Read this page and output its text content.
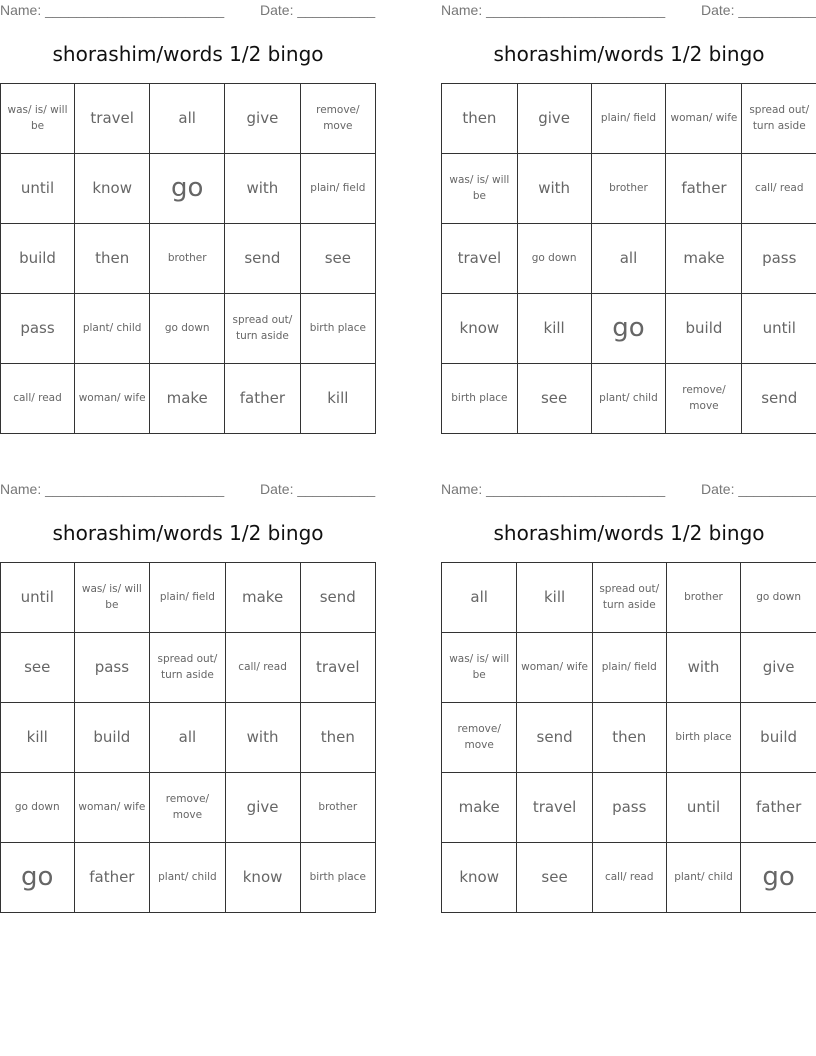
Name: _______________________	Date: __________
shorashim/words 1/2 bingo
was/ is/ will be	travel	all	give	remove/ move
until	know	go	with	plain/ field
build	then	brother	send	see
pass	plant/ child	go down	spread out/ turn aside	birth place
call/ read	woman/ wife	make	father	kill
Name: _______________________	Date: __________
shorashim/words 1/2 bingo
then	give	plain/ field	woman/ wife	spread out/ turn aside
was/ is/ will be	with	brother	father	call/ read
travel	go down	all	make	pass
know	kill	go	build	until
birth place	see	plant/ child	remove/ move	send
Name: _______________________	Date: __________
shorashim/words 1/2 bingo
until	was/ is/ will be	plain/ field	make	send
see	pass	spread out/ turn aside	call/ read	travel
kill	build	all	with	then
go down	woman/ wife	remove/ move	give	brother
go	father	plant/ child	know	birth place
Name: _______________________	Date: __________
shorashim/words 1/2 bingo
all	kill	spread out/ turn aside	brother	go down
was/ is/ will be	woman/ wife	plain/ field	with	give
remove/ move	send	then	birth place	build
make	travel	pass	until	father
know	see	call/ read	plant/ child	go
